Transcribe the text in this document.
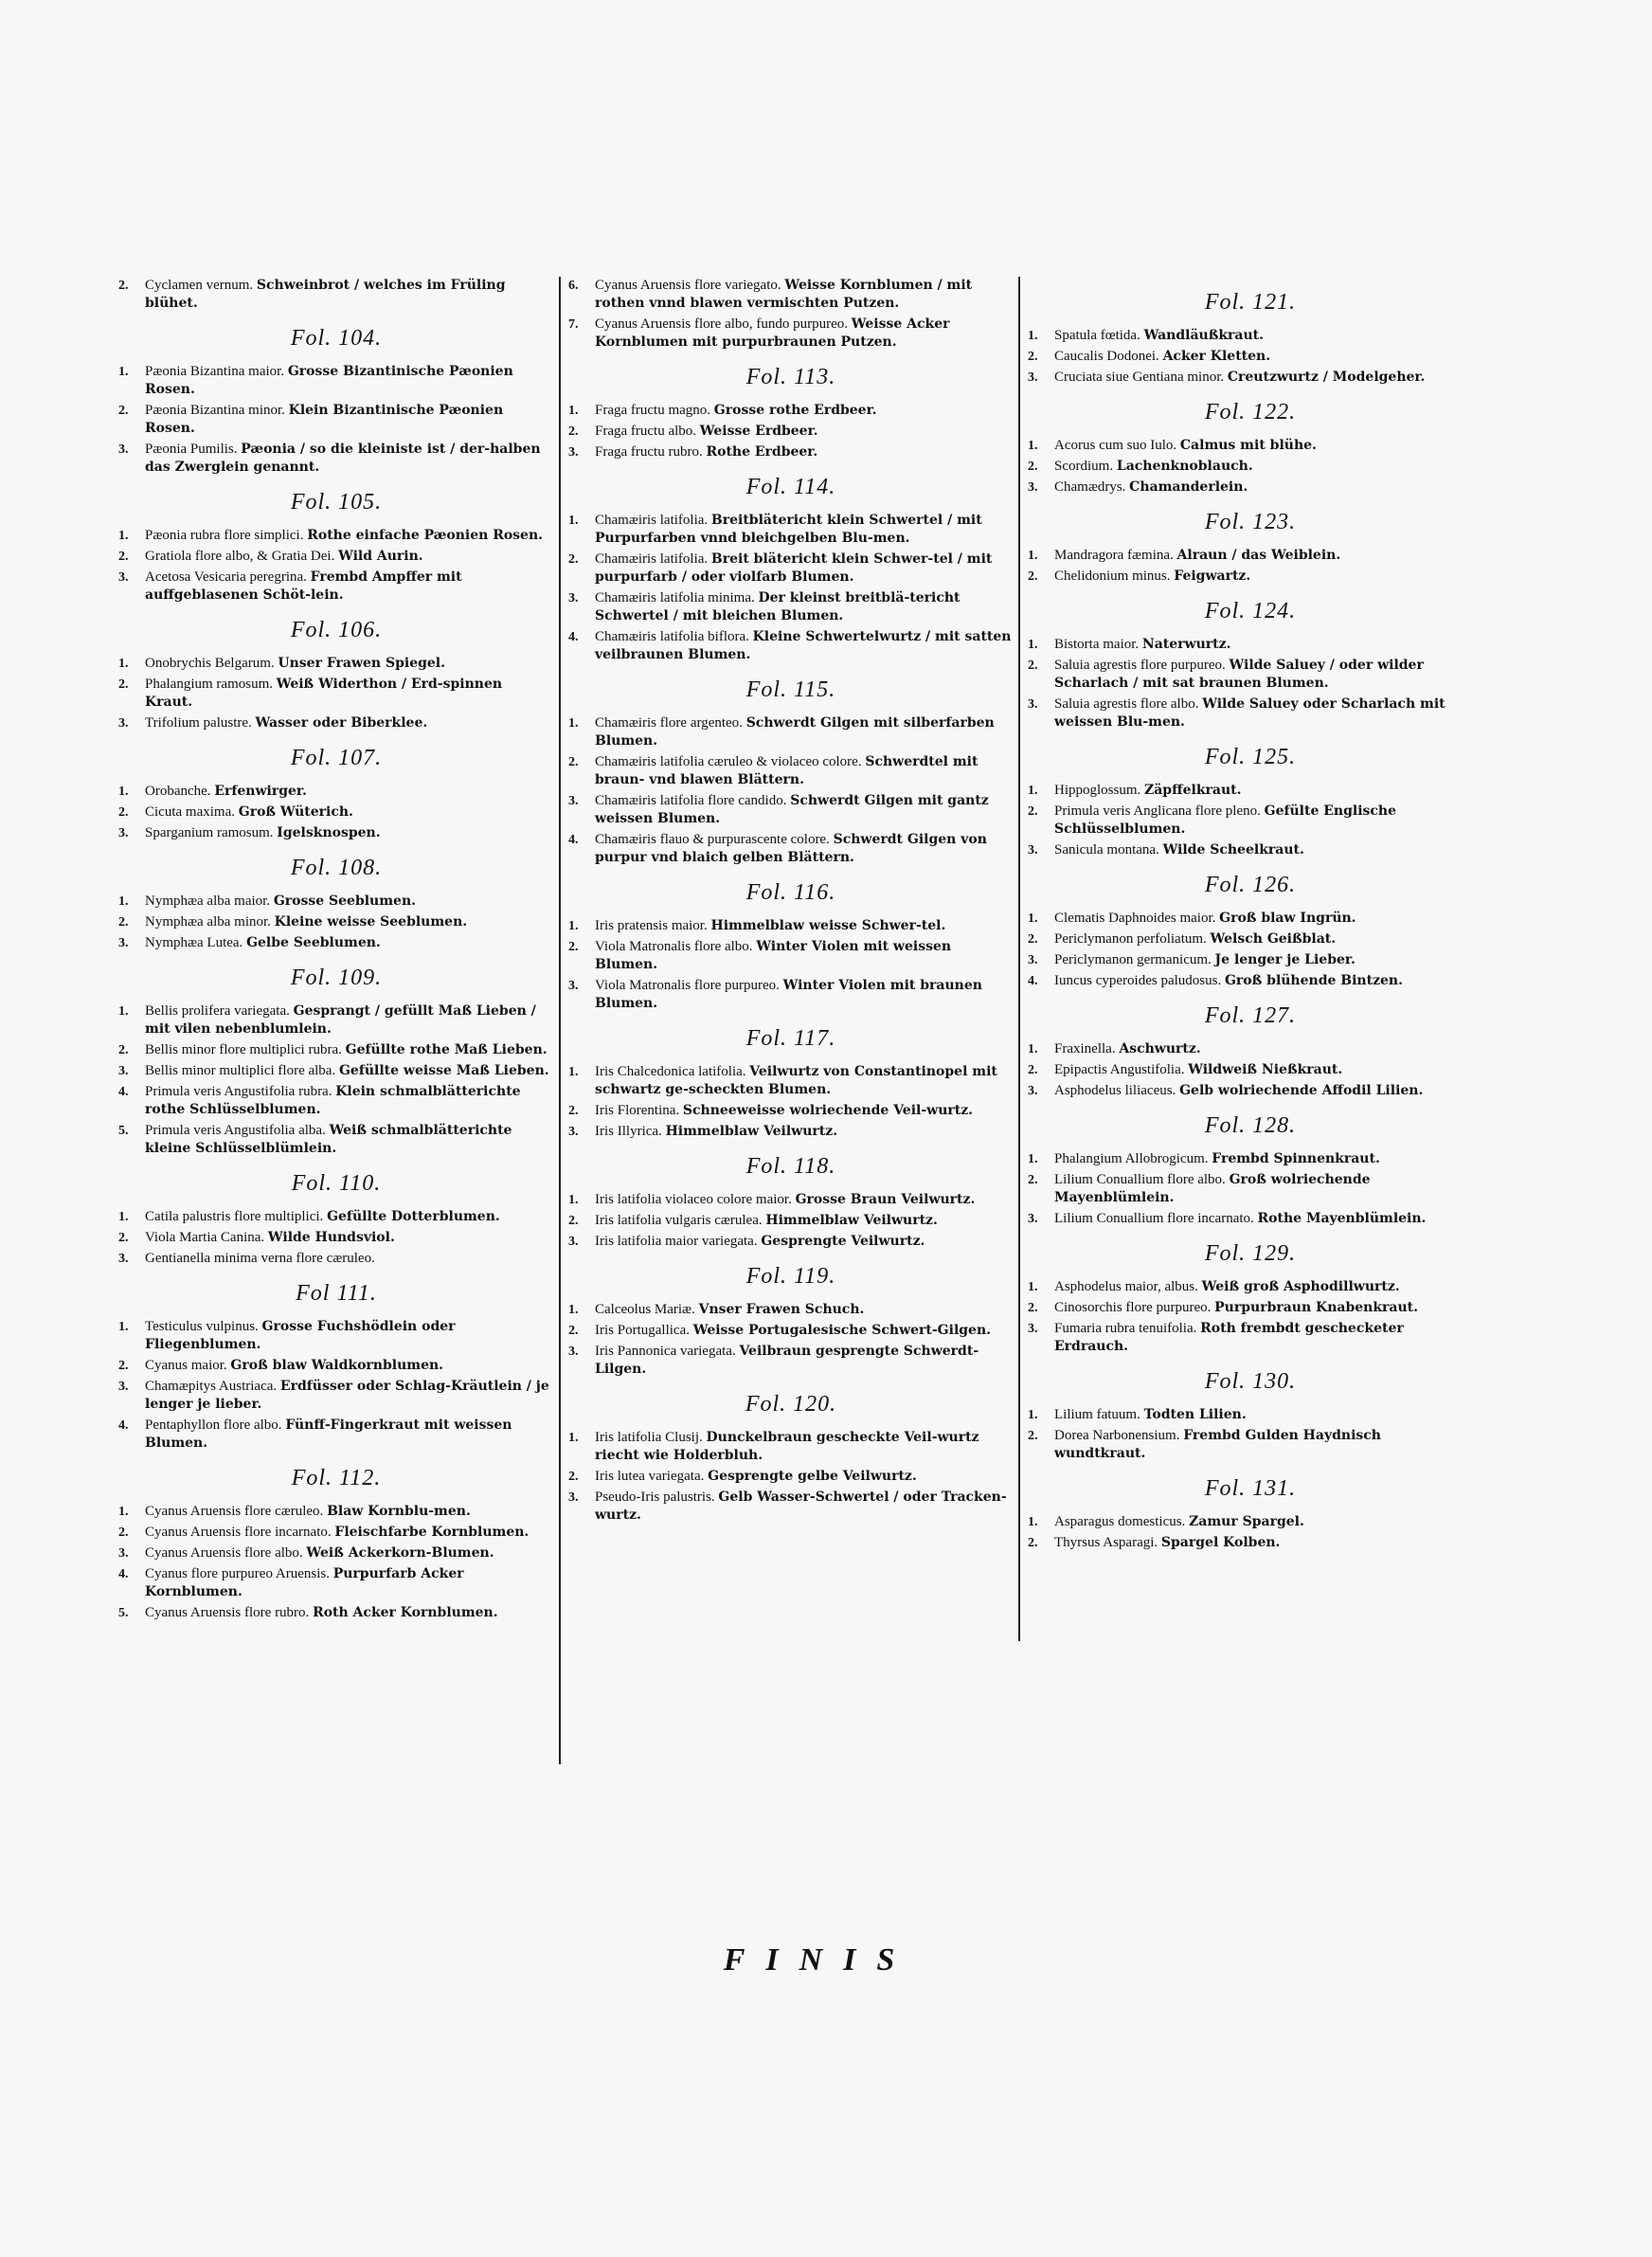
2.	Cyclamen vernum. Schweinbrot / welches im Früling blühet.
Fol. 104.
1.	Pæonia Bizantina maior. Grosse Bizantinische Pæonien Rosen.
2.	Pæonia Bizantina minor. Klein Bizantinische Pæonien Rosen.
3.	Pæonia Pumilis. Pæonia / so die kleiniste ist / der-halben das Zwerglein genannt.
Fol. 105.
1.	Pæonia rubra flore simplici. Rothe einfache Pæonien Rosen.
2.	Gratiola flore albo, & Gratia Dei. Wild Aurin.
3.	Acetosa Vesicaria peregrina. Frembd Ampffer mit auffgeblasenen Schöt-lein.
Fol. 106.
1.	Onobrychis Belgarum. Unser Frawen Spiegel.
2.	Phalangium ramosum. Weiß Widerthon / Erd-spinnen Kraut.
3.	Trifolium palustre. Wasser oder Biberklee.
Fol. 107.
1.	Orobanche. Erfenwirger.
2.	Cicuta maxima. Groß Wüterich.
3.	Sparganium ramosum. Igelsknospen.
Fol. 108.
1.	Nymphæa alba maior. Grosse Seeblumen.
2.	Nymphæa alba minor. Kleine weisse Seeblumen.
3.	Nymphæa Lutea. Gelbe Seeblumen.
Fol. 109.
1.	Bellis prolifera variegata. Gesprangt / gefüllt Maß Lieben / mit vilen nebenblumlein.
2.	Bellis minor flore multiplici rubra. Gefüllte rothe Maß Lieben.
3.	Bellis minor multiplici flore alba. Gefüllte weisse Maß Lieben.
4.	Primula veris Angustifolia rubra. Klein schmalblätterichte rothe Schlüsselblumen.
5.	Primula veris Angustifolia alba. Weiß schmalblätterichte kleine Schlüsselblümlein.
Fol. 110.
1.	Catila palustris flore multiplici. Gefüllte Dotterblumen.
2.	Viola Martia Canina. Wilde Hundsviol.
3.	Gentianella minima verna flore cæruleo.
Fol 111.
1.	Testiculus vulpinus. Grosse Fuchshödlein oder Fliegenblumen.
2.	Cyanus maior. Groß blaw Waldkornblumen.
3.	Chamæpitys Austriaca. Erdfüsser oder Schlag-Kräutlein / je lenger je lieber.
4.	Pentaphyllon flore albo. Fünff-Fingerkraut mit weissen Blumen.
Fol. 112.
1.	Cyanus Aruensis flore cæruleo. Blaw Kornblu-men.
2.	Cyanus Aruensis flore incarnato. Fleischfarbe Kornblumen.
3.	Cyanus Aruensis flore albo. Weiß Ackerkorn-Blumen.
4.	Cyanus flore purpureo Aruensis. Purpurfarb Acker Kornblumen.
5.	Cyanus Aruensis flore rubro. Roth Acker Kornblumen.
6.	Cyanus Aruensis flore variegato. Weisse Kornblumen / mit rothen vnnd blawen vermischten Putzen.
7.	Cyanus Aruensis flore albo, fundo purpureo. Weisse Acker Kornblumen mit purpurbraunen Putzen.
Fol. 113.
1.	Fraga fructu magno. Grosse rothe Erdbeer.
2.	Fraga fructu albo. Weisse Erdbeer.
3.	Fraga fructu rubro. Rothe Erdbeer.
Fol. 114.
1.	Chamæiris latifolia. Breitblätericht klein Schwertel / mit Purpurfarben vnnd bleichgelben Blu-men.
2.	Chamæiris latifolia. Breit blätericht klein Schwer-tel / mit purpurfarb / oder violfarb Blumen.
3.	Chamæiris latifolia minima. Der kleinst breitblä-tericht Schwertel / mit bleichen Blumen.
4.	Chamæiris latifolia biflora. Kleine Schwertelwurtz / mit satten veilbraunen Blumen.
Fol. 115.
1.	Chamæiris flore argenteo. Schwerdt Gilgen mit silberfarben Blumen.
2.	Chamæiris latifolia cæruleo & violaceo colore. Schwerdtel mit braun- vnd blawen Blättern.
3.	Chamæiris latifolia flore candido. Schwerdt Gilgen mit gantz weissen Blumen.
4.	Chamæiris flauo & purpurascente colore. Schwerdt Gilgen von purpur vnd blaich gelben Blättern.
Fol. 116.
1.	Iris pratensis maior. Himmelblaw weisse Schwer-tel.
2.	Viola Matronalis flore albo. Winter Violen mit weissen Blumen.
3.	Viola Matronalis flore purpureo. Winter Violen mit braunen Blumen.
Fol. 117.
1.	Iris Chalcedonica latifolia. Veilwurtz von Constantinopel mit schwartz ge-scheckten Blumen.
2.	Iris Florentina. Schneeweisse wolriechende Veil-wurtz.
3.	Iris Illyrica. Himmelblaw Veilwurtz.
Fol. 118.
1.	Iris latifolia violaceo colore maior. Grosse Braun Veilwurtz.
2.	Iris latifolia vulgaris cærulea. Himmelblaw Veilwurtz.
3.	Iris latifolia maior variegata. Gesprengte Veilwurtz.
Fol. 119.
1.	Calceolus Mariæ. Vnser Frawen Schuch.
2.	Iris Portugallica. Weisse Portugalesische Schwert-Gilgen.
3.	Iris Pannonica variegata. Veilbraun gesprengte Schwerdt-Lilgen.
Fol. 120.
1.	Iris latifolia Clusij. Dunckelbraun gescheckte Veil-wurtz riecht wie Holderbluh.
2.	Iris lutea variegata. Gesprengte gelbe Veilwurtz.
3.	Pseudo-Iris palustris. Gelb Wasser-Schwertel / oder Tracken-wurtz.
Fol. 121.
1.	Spatula fœtida. Wandläußkraut.
2.	Caucalis Dodonei. Acker Kletten.
3.	Cruciata siue Gentiana minor. Creutzwurtz / Modelgeher.
Fol. 122.
1.	Acorus cum suo Iulo. Calmus mit blühe.
2.	Scordium. Lachenknoblauch.
3.	Chamædrys. Chamanderlein.
Fol. 123.
1.	Mandragora fæmina. Alraun / das Weiblein.
2.	Chelidonium minus. Feigwartz.
Fol. 124.
1.	Bistorta maior. Naterwurtz.
2.	Saluia agrestis flore purpureo. Wilde Saluey / oder wilder Scharlach / mit sat braunen Blumen.
3.	Saluia agrestis flore albo. Wilde Saluey oder Scharlach mit weissen Blu-men.
Fol. 125.
1.	Hippoglossum. Zäpffelkraut.
2.	Primula veris Anglicana flore pleno. Gefülte Englische Schlüsselblumen.
3.	Sanicula montana. Wilde Scheelkraut.
Fol. 126.
1.	Clematis Daphnoides maior. Groß blaw Ingrün.
2.	Periclymanon perfoliatum. Welsch Geißblat.
3.	Periclymanon germanicum. Je lenger je Lieber.
4.	Iuncus cyperoides paludosus. Groß blühende Bintzen.
Fol. 127.
1.	Fraxinella. Aschwurtz.
2.	Epipactis Angustifolia. Wildweiß Nießkraut.
3.	Asphodelus liliaceus. Gelb wolriechende Affodil Lilien.
Fol. 128.
1.	Phalangium Allobrogicum. Frembd Spinnenkraut.
2.	Lilium Conuallium flore albo. Groß wolriechende Mayenblümlein.
3.	Lilium Conuallium flore incarnato. Rothe Mayenblümlein.
Fol. 129.
1.	Asphodelus maior, albus. Weiß groß Asphodillwurtz.
2.	Cinosorchis flore purpureo. Purpurbraun Knabenkraut.
3.	Fumaria rubra tenuifolia. Roth frembdt geschecketer Erdrauch.
Fol. 130.
1.	Lilium fatuum. Todten Lilien.
2.	Dorea Narbonensium. Frembd Gulden Haydnisch wundtkraut.
Fol. 131.
1.	Asparagus domesticus. Zamur Spargel.
2.	Thyrsus Asparagi. Spargel Kolben.
FINIS
